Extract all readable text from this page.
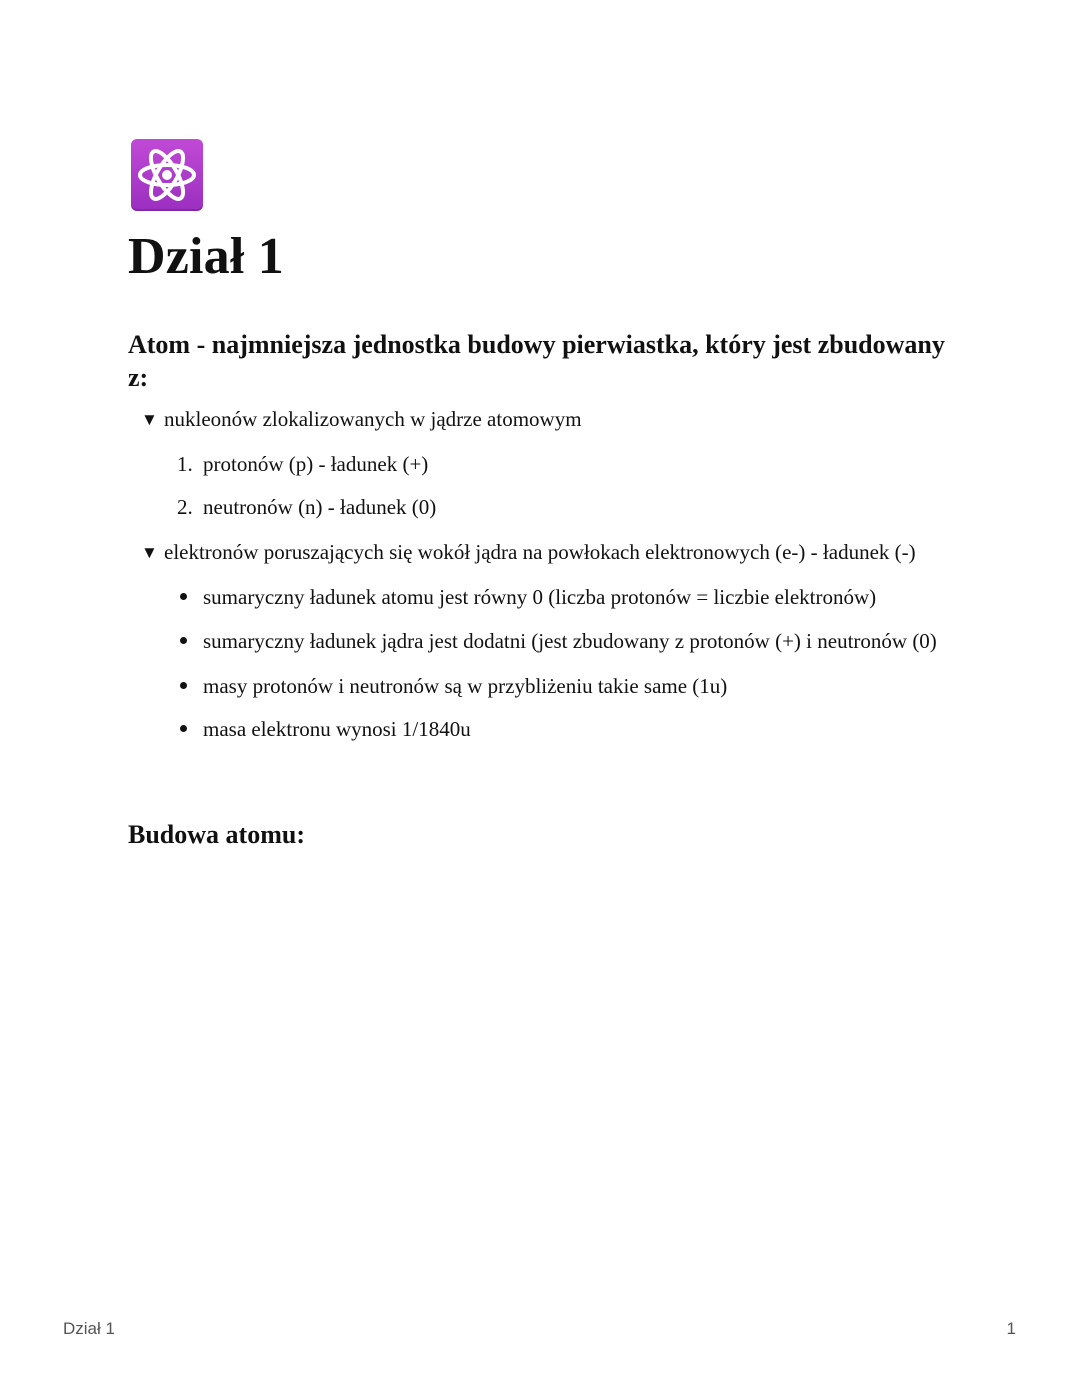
Dział 1
Atom - najmniejsza jednostka budowy pierwiastka, który jest zbudowany z:
▼ nukleonów zlokalizowanych w jądrze atomowym
1. protonów (p) - ładunek (+)
2. neutronów (n) - ładunek (0)
▼ elektronów poruszających się wokół jądra na powłokach elektronowych (e-) - ładunek (-)
sumaryczny ładunek atomu jest równy 0 (liczba protonów = liczbie elektronów)
sumaryczny ładunek jądra jest dodatni (jest zbudowany z protonów (+) i neutronów (0)
masy protonów i neutronów są w przybliżeniu takie same (1u)
masa elektronu wynosi 1/1840u
Budowa atomu:
Dział 1	1
